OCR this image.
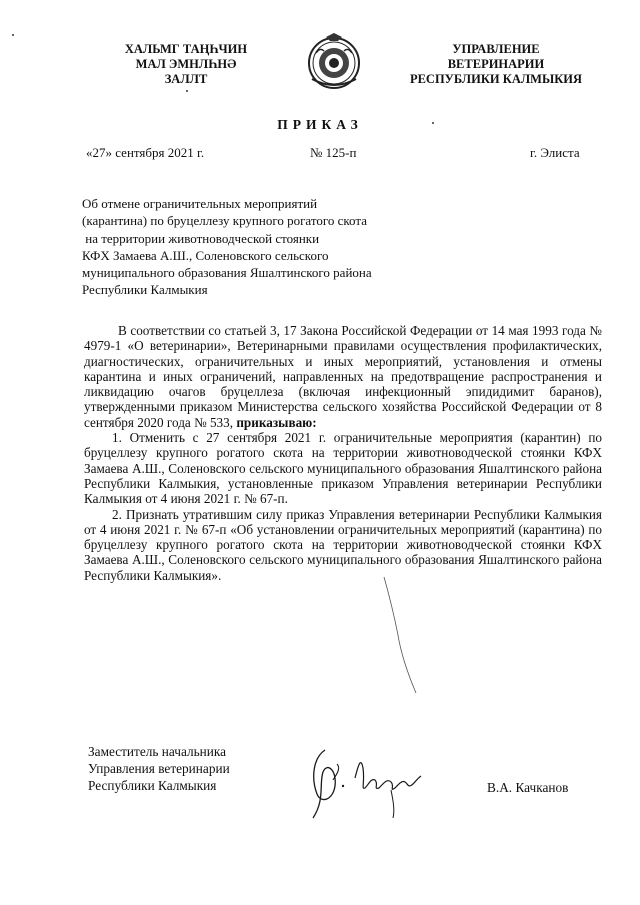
ХАЛЬМГ ТАҢҺЧИН
МАЛ ЭМНЛҺНӘ
ЗАЛЛТ
УПРАВЛЕНИЕ
ВЕТЕРИНАРИИ
РЕСПУБЛИКИ КАЛМЫКИЯ
ПРИКАЗ
«27» сентября 2021 г.	№ 125-п	г. Элиста
Об отмене ограничительных мероприятий
(карантина) по бруцеллезу крупного рогатого скота
на территории животноводческой стоянки
КФХ Замаева А.Ш., Соленовского сельского
муниципального образования Яшалтинского района
Республики Калмыкия

В соответствии со статьей 3, 17 Закона Российской Федерации от 14 мая 1993 года № 4979-1 «О ветеринарии», Ветеринарными правилами осуществления профилактических, диагностических, ограничительных и иных мероприятий, установления и отмены карантина и иных ограничений, направленных на предотвращение распространения и ликвидацию очагов бруцеллеза (включая инфекционный эпидидимит баранов), утвержденными приказом Министерства сельского хозяйства Российской Федерации от 8 сентября 2020 года № 533, приказываю:

1. Отменить с 27 сентября 2021 г. ограничительные мероприятия (карантин) по бруцеллезу крупного рогатого скота на территории животноводческой стоянки КФХ Замаева А.Ш., Соленовского сельского муниципального образования Яшалтинского района Республики Калмыкия, установленные приказом Управления ветеринарии Республики Калмыкия от 4 июня 2021 г. № 67-п.

2. Признать утратившим силу приказ Управления ветеринарии Республики Калмыкия от 4 июня 2021 г. № 67-п «Об установлении ограничительных мероприятий (карантина) по бруцеллезу крупного рогатого скота на территории животноводческой стоянки КФХ Замаева А.Ш., Соленовского сельского муниципального образования Яшалтинского района Республики Калмыкия».

Заместитель начальника
Управления ветеринарии
Республики Калмыкия	В.А. Качканов
